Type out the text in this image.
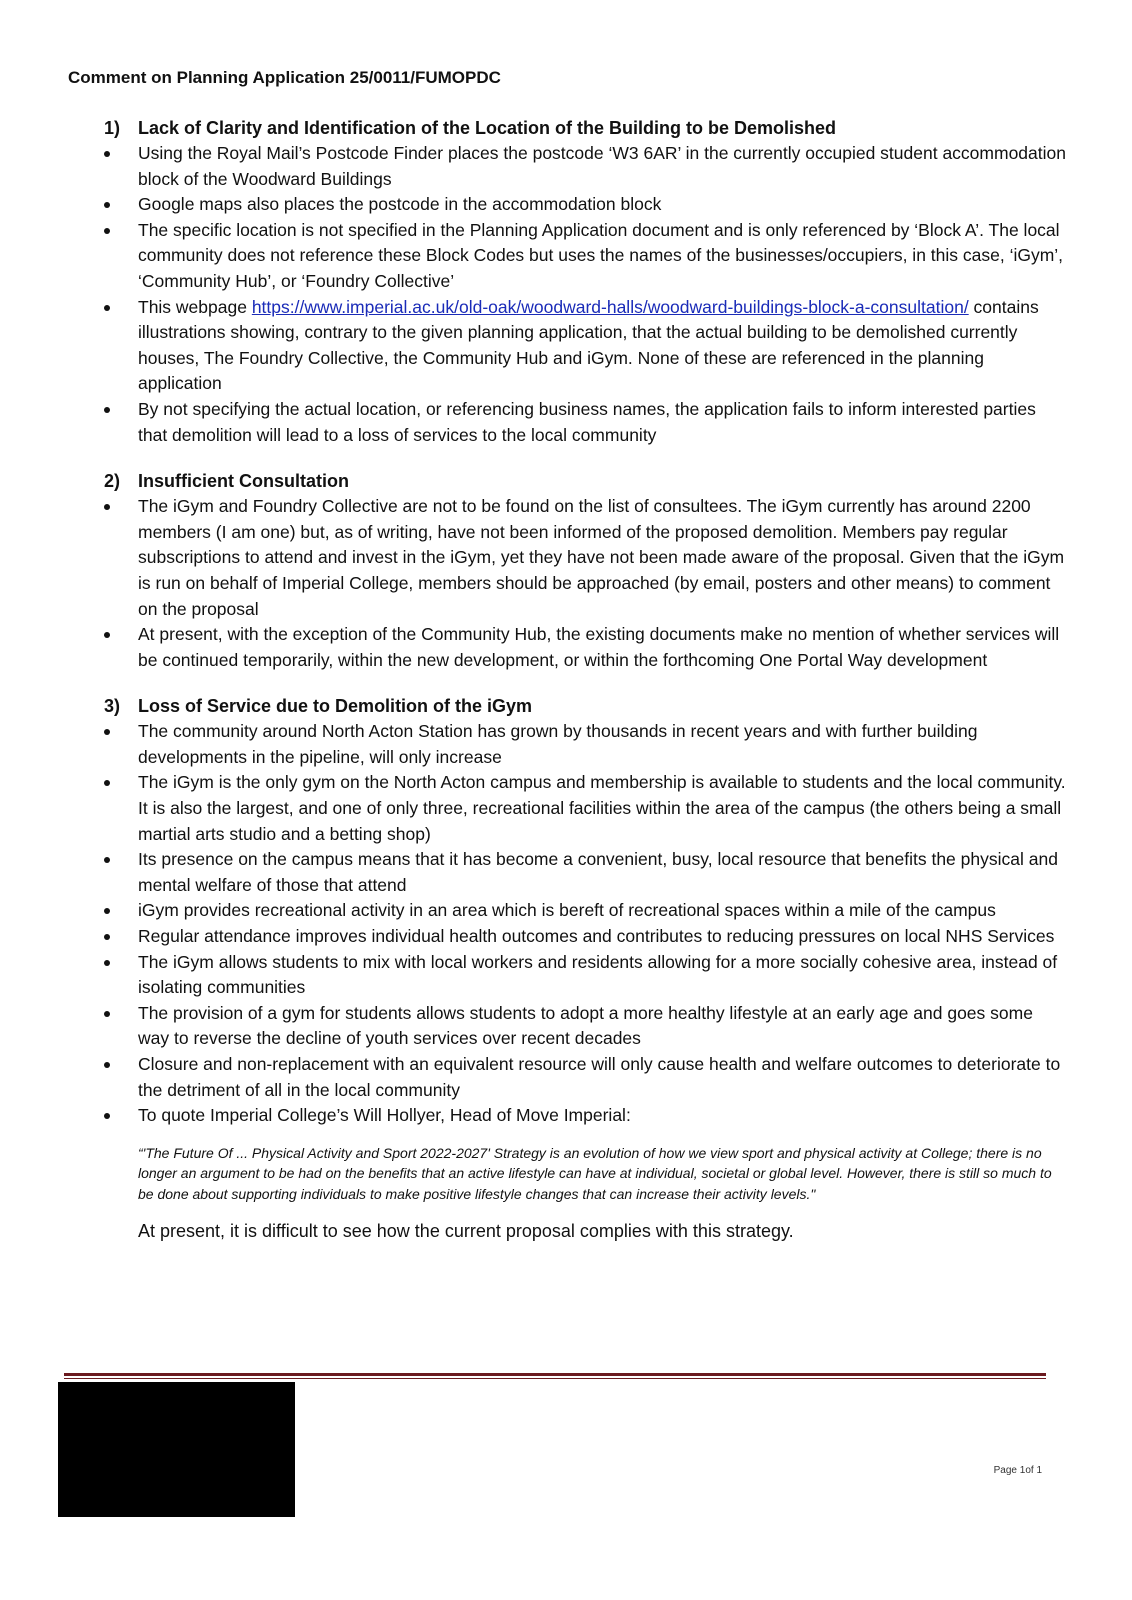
Comment on Planning Application 25/0011/FUMOPDC
1) Lack of Clarity and Identification of the Location of the Building to be Demolished
Using the Royal Mail’s Postcode Finder places the postcode ‘W3 6AR’ in the currently occupied student accommodation block of the Woodward Buildings
Google maps also places the postcode in the accommodation block
The specific location is not specified in the Planning Application document and is only referenced by ‘Block A’. The local community does not reference these Block Codes but uses the names of the businesses/occupiers, in this case, ‘iGym’, ‘Community Hub’, or ‘Foundry Collective’
This webpage https://www.imperial.ac.uk/old-oak/woodward-halls/woodward-buildings-block-a-consultation/ contains illustrations showing, contrary to the given planning application, that the actual building to be demolished currently houses, The Foundry Collective, the Community Hub and iGym. None of these are referenced in the planning application
By not specifying the actual location, or referencing business names, the application fails to inform interested parties that demolition will lead to a loss of services to the local community
2) Insufficient Consultation
The iGym and Foundry Collective are not to be found on the list of consultees. The iGym currently has around 2200 members (I am one) but, as of writing, have not been informed of the proposed demolition. Members pay regular subscriptions to attend and invest in the iGym, yet they have not been made aware of the proposal. Given that the iGym is run on behalf of Imperial College, members should be approached (by email, posters and other means) to comment on the proposal
At present, with the exception of the Community Hub, the existing documents make no mention of whether services will be continued temporarily, within the new development, or within the forthcoming One Portal Way development
3) Loss of Service due to Demolition of the iGym
The community around North Acton Station has grown by thousands in recent years and with further building developments in the pipeline, will only increase
The iGym is the only gym on the North Acton campus and membership is available to students and the local community. It is also the largest, and one of only three, recreational facilities within the area of the campus (the others being a small martial arts studio and a betting shop)
Its presence on the campus means that it has become a convenient, busy, local resource that benefits the physical and mental welfare of those that attend
iGym provides recreational activity in an area which is bereft of recreational spaces within a mile of the campus
Regular attendance improves individual health outcomes and contributes to reducing pressures on local NHS Services
The iGym allows students to mix with local workers and residents allowing for a more socially cohesive area, instead of isolating communities
The provision of a gym for students allows students to adopt a more healthy lifestyle at an early age and goes some way to reverse the decline of youth services over recent decades
Closure and non-replacement with an equivalent resource will only cause health and welfare outcomes to deteriorate to the detriment of all in the local community
To quote Imperial College’s Will Hollyer, Head of Move Imperial:

“'The Future Of ... Physical Activity and Sport 2022-2027' Strategy is an evolution of how we view sport and physical activity at College; there is no longer an argument to be had on the benefits that an active lifestyle can have at individual, societal or global level. However, there is still so much to be done about supporting individuals to make positive lifestyle changes that can increase their activity levels."

At present, it is difficult to see how the current proposal complies with this strategy.

Page 1of 1
